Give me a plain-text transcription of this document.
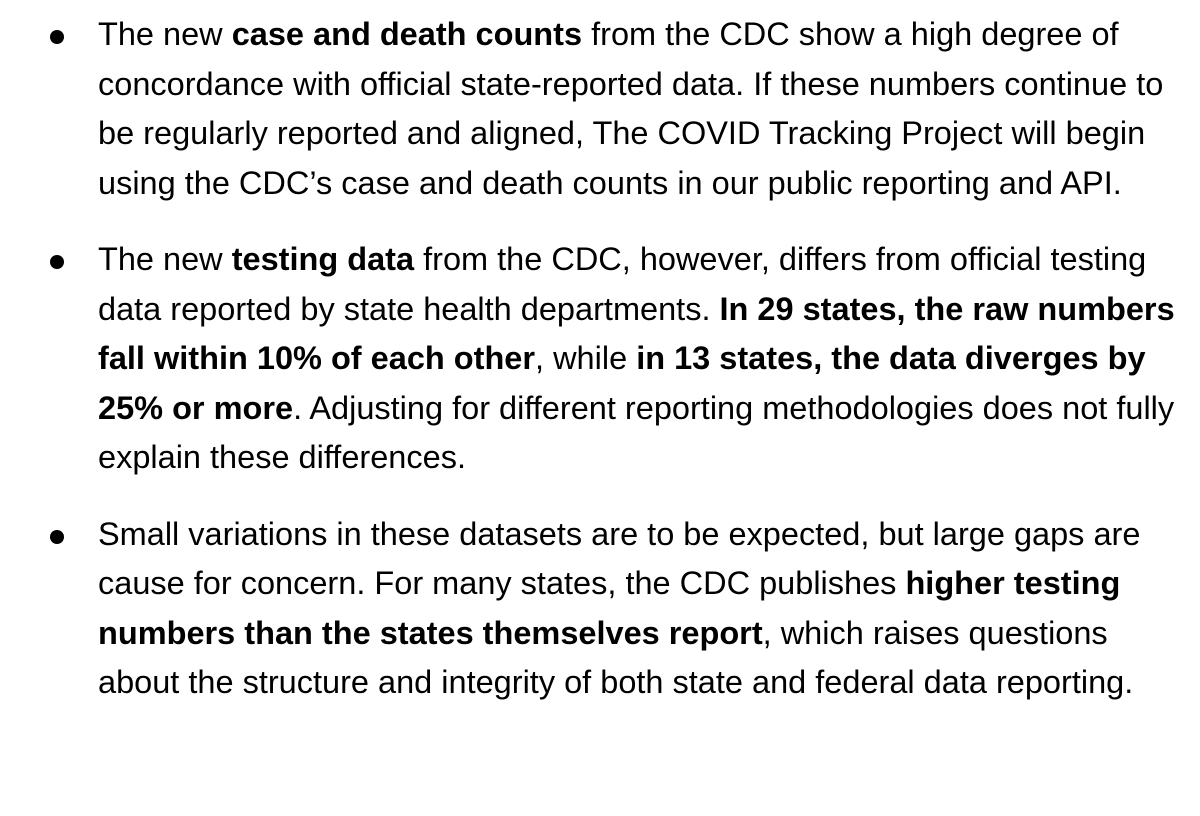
The new case and death counts from the CDC show a high degree of concordance with official state-reported data. If these numbers continue to be regularly reported and aligned, The COVID Tracking Project will begin using the CDC’s case and death counts in our public reporting and API.
The new testing data from the CDC, however, differs from official testing data reported by state health departments. In 29 states, the raw numbers fall within 10% of each other, while in 13 states, the data diverges by 25% or more. Adjusting for different reporting methodologies does not fully explain these differences.
Small variations in these datasets are to be expected, but large gaps are cause for concern. For many states, the CDC publishes higher testing numbers than the states themselves report, which raises questions about the structure and integrity of both state and federal data reporting.
